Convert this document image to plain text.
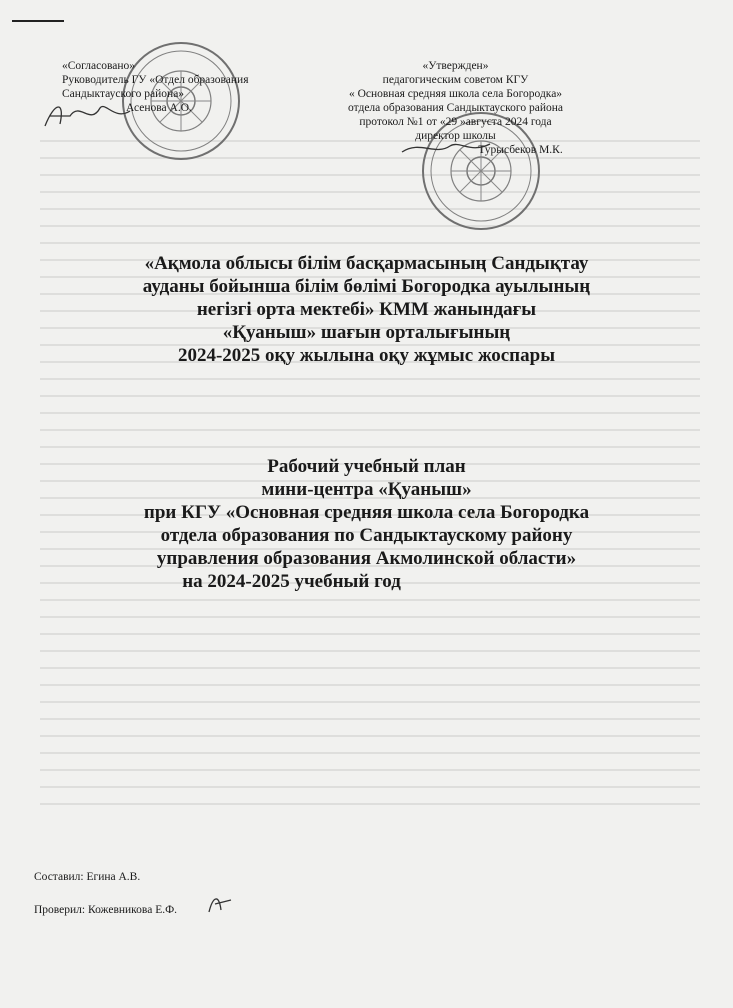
«Согласовано»
Руководитель ГУ «Отдел образования
Сандыктауского района»
Асенова А.О.
«Утвержден»
педагогическим советом КГУ
« Основная средняя школа села Богородка»
отдела образования Сандыктауского района
протокол №1 от «29 »августа 2024 года
директор школы
Турысбеков М.К.
«Ақмола облысы білім басқармасының Сандықтау
ауданы бойынша білім бөлімі Богородка ауылының
негізгі орта мектебі» КММ жанындағы
«Қуаныш» шағын орталығының
2024-2025 оқу жылына оқу жұмыс жоспары
Рабочий учебный план
мини-центра «Қуаныш»
при КГУ «Основная средняя школа села Богородка
отдела образования по Сандыктаускому району
управления образования Акмолинской области»
на 2024-2025 учебный год
Составил: Егина А.В.
Проверил: Кожевникова Е.Ф.
